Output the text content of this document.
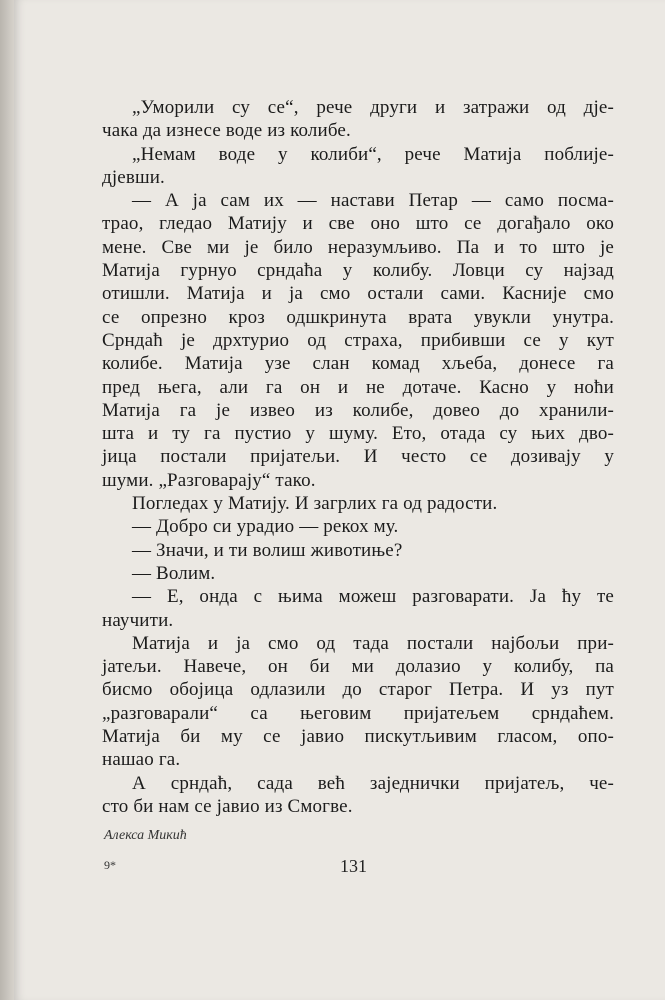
„Уморили су се“, рече други и затражи од дје-
чака да изнесе воде из колибе.
„Немам воде у колиби“, рече Матија поблије-
дјевши.
— А ја сам их — настави Петар — само посма-
трао, гледао Матију и све оно што се догађало око
мене. Све ми је било неразумљиво. Па и то што је
Матија гурнуо срндаћа у колибу. Ловци су најзад
отишли. Матија и ја смо остали сами. Касније смо
се опрезно кроз одшкринута врата увукли унутра.
Срндаћ је дрхтурио од страха, прибивши се у кут
колибе. Матија узе слан комад хљеба, донесе га
пред њега, али га он и не дотаче. Касно у ноћи
Матија га је извео из колибе, довео до хранили-
шта и ту га пустио у шуму. Ето, отада су њих дво-
јица постали пријатељи. И често се дозивају у
шуми. „Разговарају“ тако.
Погледах у Матију. И загрлих га од радости.
— Добро си урадио — рекох му.
— Значи, и ти волиш животиње?
— Волим.
— Е, онда с њима можеш разговарати. Ја ћу те
научити.
Матија и ја смо од тада постали најбољи при-
јатељи. Навече, он би ми долазио у колибу, па
бисмо обојица одлазили до старог Петра. И уз пут
„разговарали“ са његовим пријатељем срндаћем.
Матија би му се јавио пискутљивим гласом, опо-
нашао га.
А срндаћ, сада већ заједнички пријатељ, че-
сто би нам се јавио из Смогве.
Алекса Микић
9*	131
